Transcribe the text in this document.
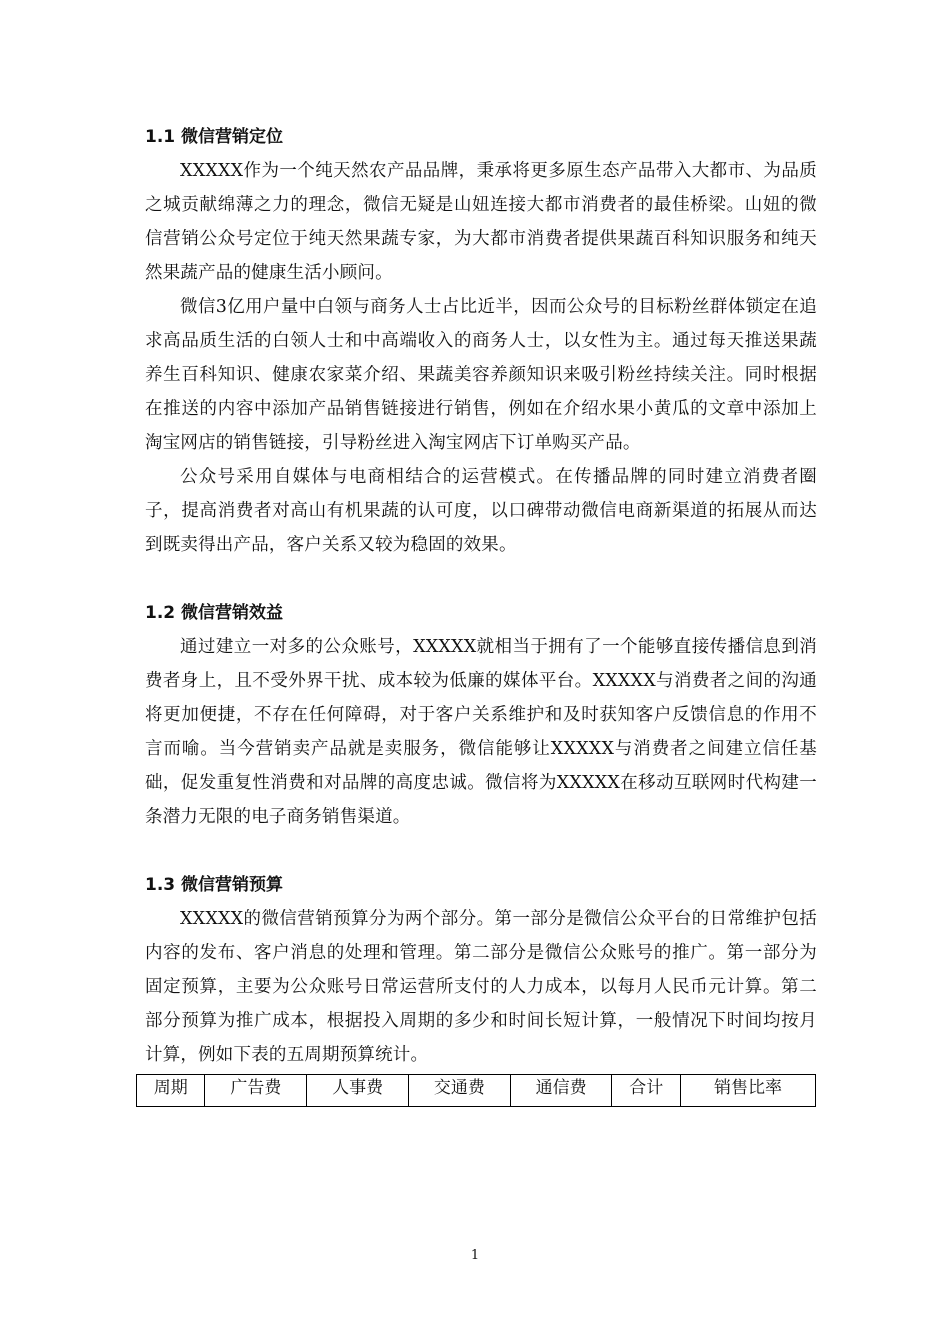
1.1 微信营销定位

XXXXX作为一个纯天然农产品品牌，秉承将更多原生态产品带入大都市、为品质之城贡献绵薄之力的理念，微信无疑是山妞连接大都市消费者的最佳桥梁。山妞的微信营销公众号定位于纯天然果蔬专家，为大都市消费者提供果蔬百科知识服务和纯天然果蔬产品的健康生活小顾问。

微信3亿用户量中白领与商务人士占比近半，因而公众号的目标粉丝群体锁定在追求高品质生活的白领人士和中高端收入的商务人士，以女性为主。通过每天推送果蔬养生百科知识、健康农家菜介绍、果蔬美容养颜知识来吸引粉丝持续关注。同时根据在推送的内容中添加产品销售链接进行销售，例如在介绍水果小黄瓜的文章中添加上淘宝网店的销售链接，引导粉丝进入淘宝网店下订单购买产品。

公众号采用自媒体与电商相结合的运营模式。在传播品牌的同时建立消费者圈子，提高消费者对高山有机果蔬的认可度，以口碑带动微信电商新渠道的拓展从而达到既卖得出产品，客户关系又较为稳固的效果。

1.2 微信营销效益

通过建立一对多的公众账号，XXXXX就相当于拥有了一个能够直接传播信息到消费者身上，且不受外界干扰、成本较为低廉的媒体平台。XXXXX与消费者之间的沟通将更加便捷，不存在任何障碍，对于客户关系维护和及时获知客户反馈信息的作用不言而喻。当今营销卖产品就是卖服务，微信能够让XXXXX与消费者之间建立信任基础，促发重复性消费和对品牌的高度忠诚。微信将为XXXXX在移动互联网时代构建一条潜力无限的电子商务销售渠道。

1.3 微信营销预算

XXXXX的微信营销预算分为两个部分。第一部分是微信公众平台的日常维护包括内容的发布、客户消息的处理和管理。第二部分是微信公众账号的推广。第一部分为固定预算，主要为公众账号日常运营所支付的人力成本，以每月人民币元计算。第二部分预算为推广成本，根据投入周期的多少和时间长短计算，一般情况下时间均按月计算，例如下表的五周期预算统计。

周期	广告费	人事费	交通费	通信费	合计	销售比率
1
